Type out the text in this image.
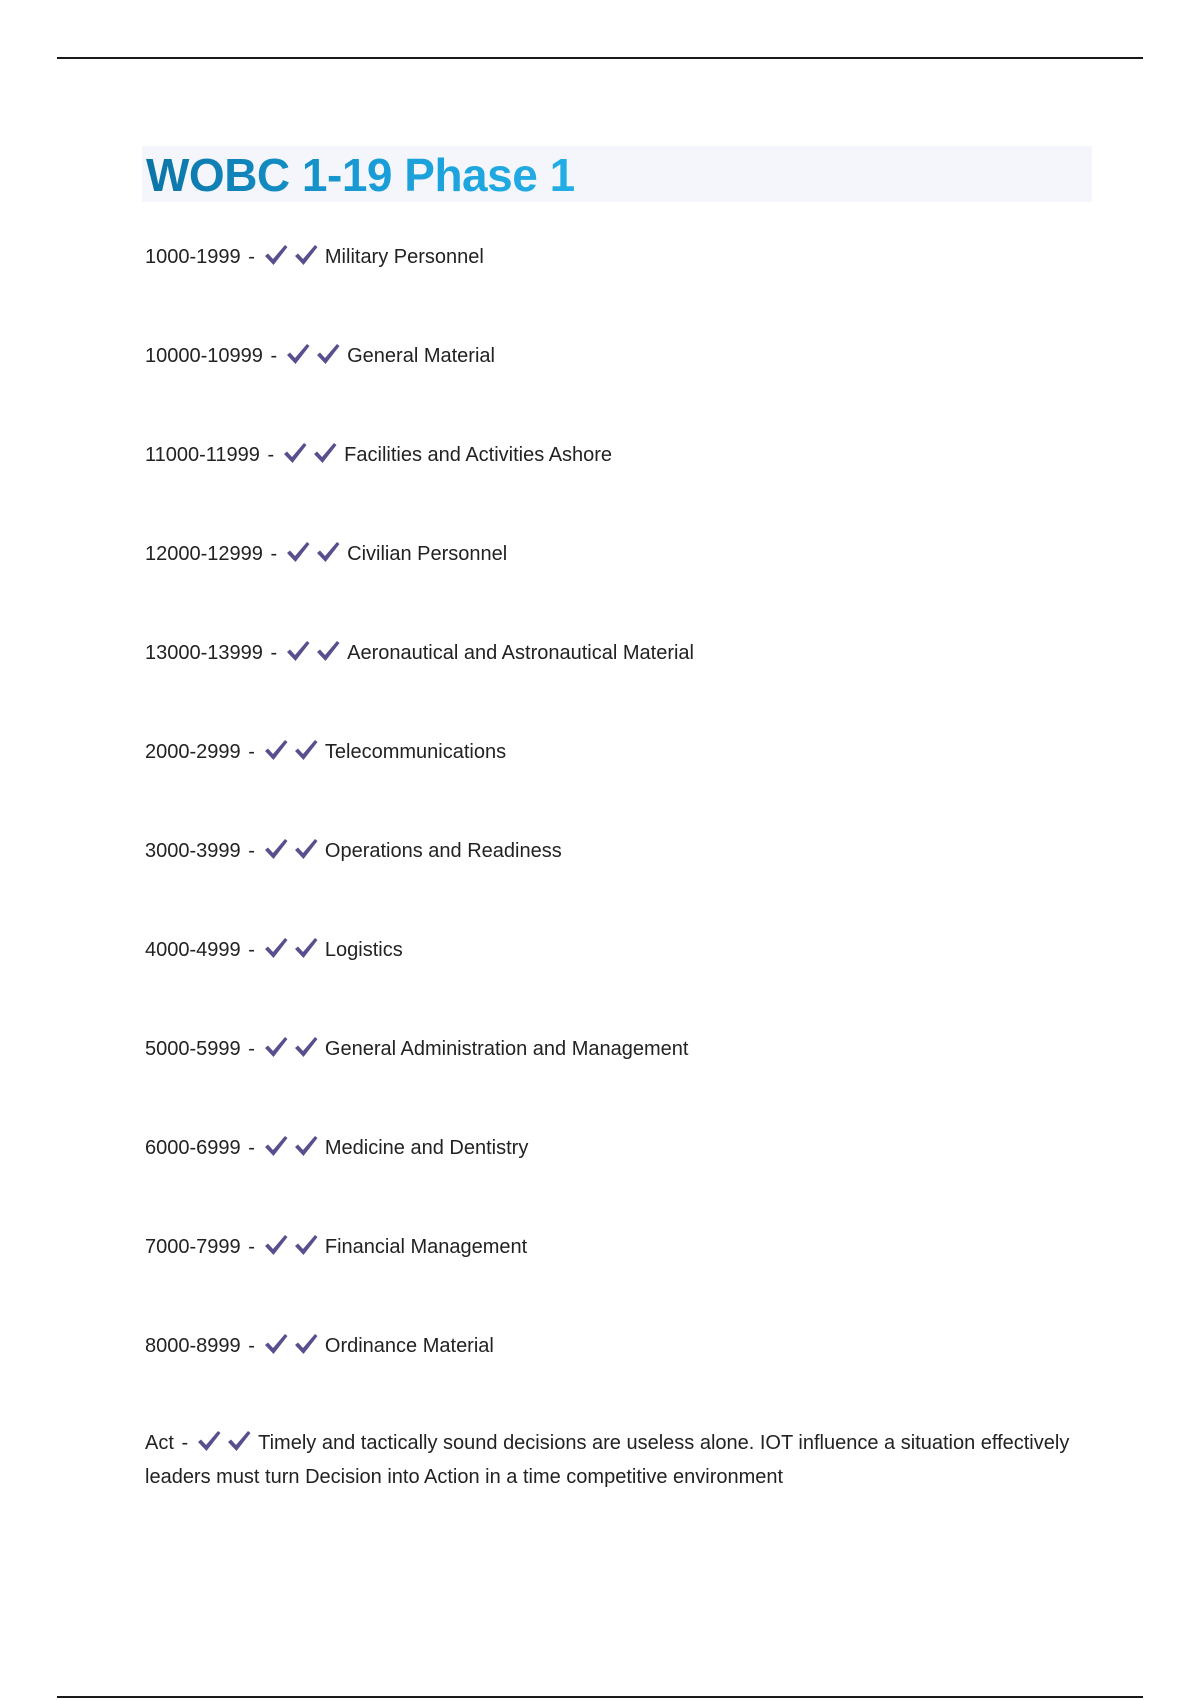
WOBC 1-19 Phase 1
1000-1999 -	Military Personnel
10000-10999 -	General Material
11000-11999 -	Facilities and Activities Ashore
12000-12999 -	Civilian Personnel
13000-13999 -	Aeronautical and Astronautical Material
2000-2999 -	Telecommunications
3000-3999 -	Operations and Readiness
4000-4999 -	Logistics
5000-5999 -	General Administration and Management
6000-6999 -	Medicine and Dentistry
7000-7999 -	Financial Management
8000-8999 -	Ordinance Material
Act -	Timely and tactically sound decisions are useless alone. IOT influence a situation effectively leaders must turn Decision into Action in a time competitive environment
